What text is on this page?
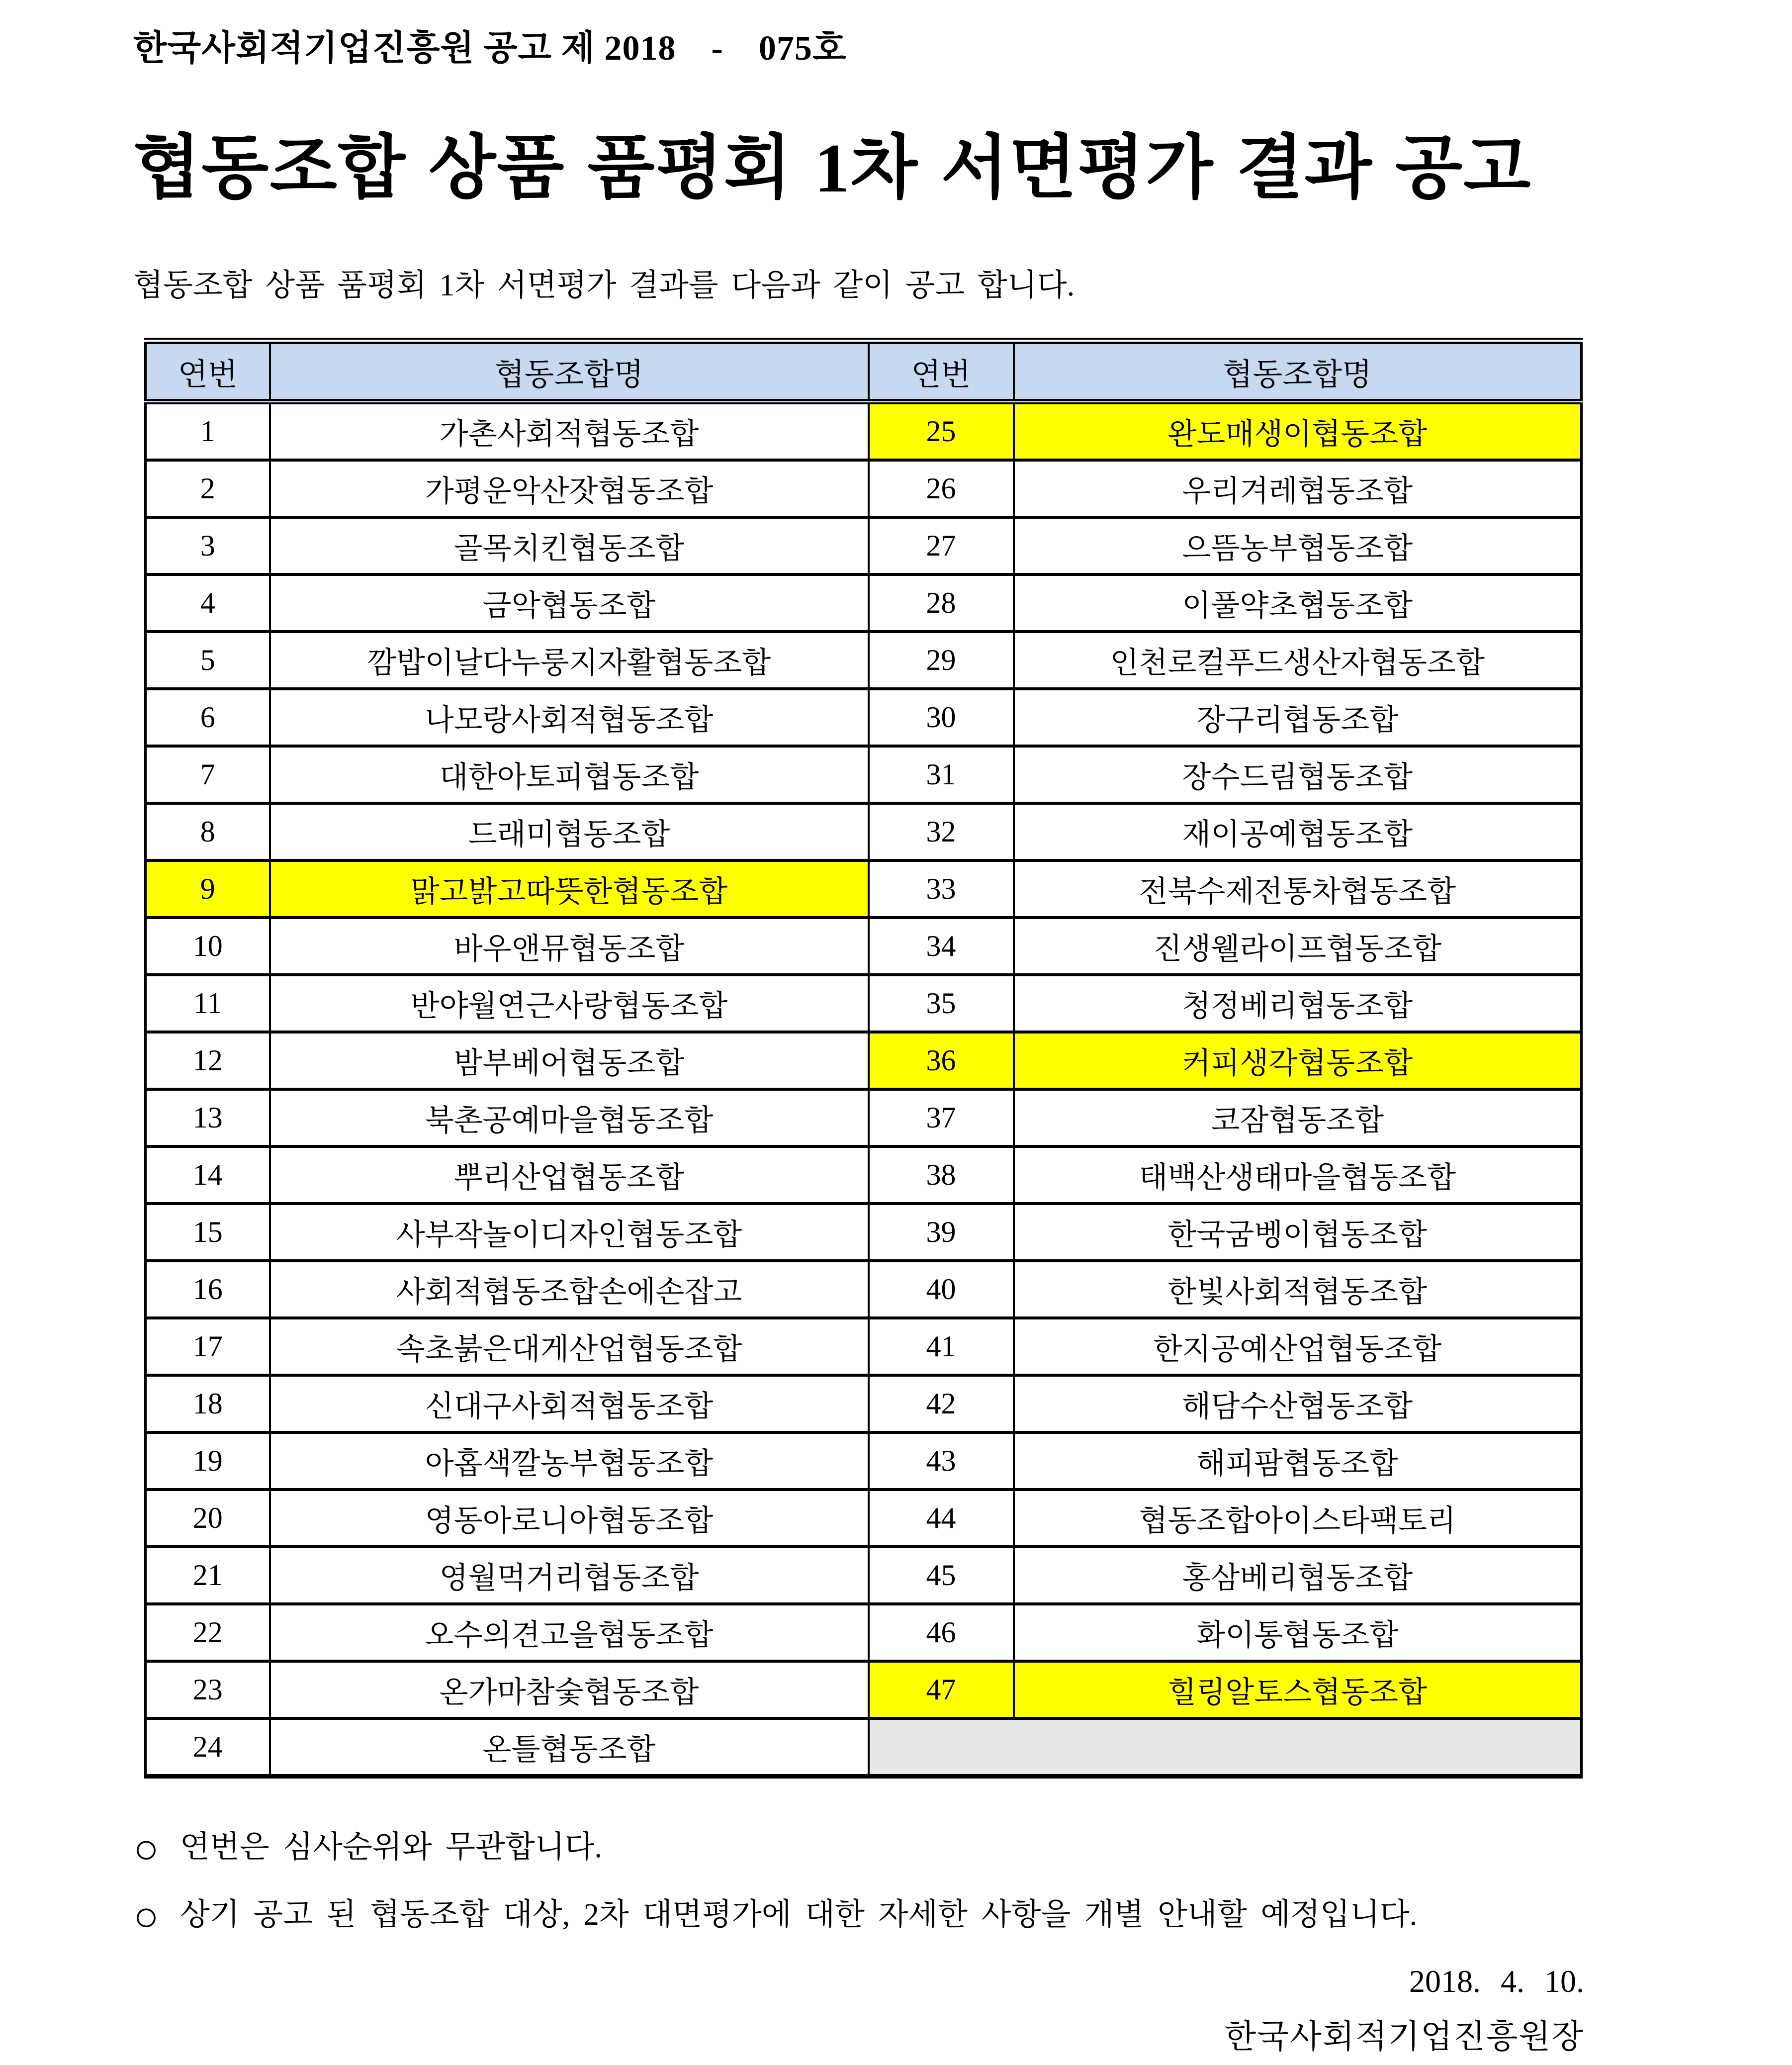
한국사회적기업진흥원 공고 제 2018　-　075호
협동조합 상품 품평회 1차 서면평가 결과 공고

협동조합 상품 품평회 1차 서면평가 결과를 다음과 같이 공고 합니다.

연번	협동조합명	연번	협동조합명
1	가촌사회적협동조합	25	완도매생이협동조합
2	가평운악산잣협동조합	26	우리겨레협동조합
3	골목치킨협동조합	27	으뜸농부협동조합
4	금악협동조합	28	이풀약초협동조합
5	깜밥이날다누룽지자활협동조합	29	인천로컬푸드생산자협동조합
6	나모랑사회적협동조합	30	장구리협동조합
7	대한아토피협동조합	31	장수드림협동조합
8	드래미협동조합	32	재이공예협동조합
9	맑고밝고따뜻한협동조합	33	전북수제전통차협동조합
10	바우앤뮤협동조합	34	진생웰라이프협동조합
11	반야월연근사랑협동조합	35	청정베리협동조합
12	밤부베어협동조합	36	커피생각협동조합
13	북촌공예마을협동조합	37	코잠협동조합
14	뿌리산업협동조합	38	태백산생태마을협동조합
15	사부작놀이디자인협동조합	39	한국굼벵이협동조합
16	사회적협동조합손에손잡고	40	한빛사회적협동조합
17	속초붉은대게산업협동조합	41	한지공예산업협동조합
18	신대구사회적협동조합	42	해담수산협동조합
19	아홉색깔농부협동조합	43	해피팜협동조합
20	영동아로니아협동조합	44	협동조합아이스타팩토리
21	영월먹거리협동조합	45	홍삼베리협동조합
22	오수의견고을협동조합	46	화이통협동조합
23	온가마참숯협동조합	47	힐링알토스협동조합
24	온틀협동조합		
○ 연번은 심사순위와 무관합니다.
○ 상기 공고 된 협동조합 대상, 2차 대면평가에 대한 자세한 사항을 개별 안내할 예정입니다.
2018. 4. 10.
한국사회적기업진흥원장
